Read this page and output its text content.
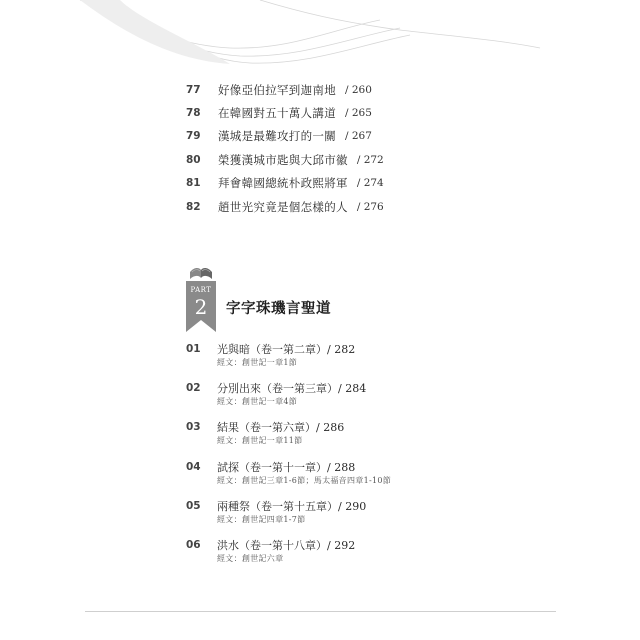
77	好像亞伯拉罕到迦南地 / 260
78	在韓國對五十萬人講道 / 265
79	漢城是最難攻打的一關 / 267
80	榮獲漢城市匙與大邱市徽 / 272
81	拜會韓國總統朴政熙將軍 / 274
82	趙世光究竟是個怎樣的人 / 276
PART
2 字字珠璣言聖道
01	光與暗（卷一第二章）/ 282
經文：創世記一章1節
02	分別出來（卷一第三章）/ 284
經文：創世記一章4節
03	結果（卷一第六章）/ 286
經文：創世記一章11節
04	試探（卷一第十一章）/ 288
經文：創世記三章1-6節；馬太福音四章1-10節
05	兩種祭（卷一第十五章）/ 290
經文：創世記四章1-7節
06	洪水（卷一第十八章）/ 292
經文：創世記六章
